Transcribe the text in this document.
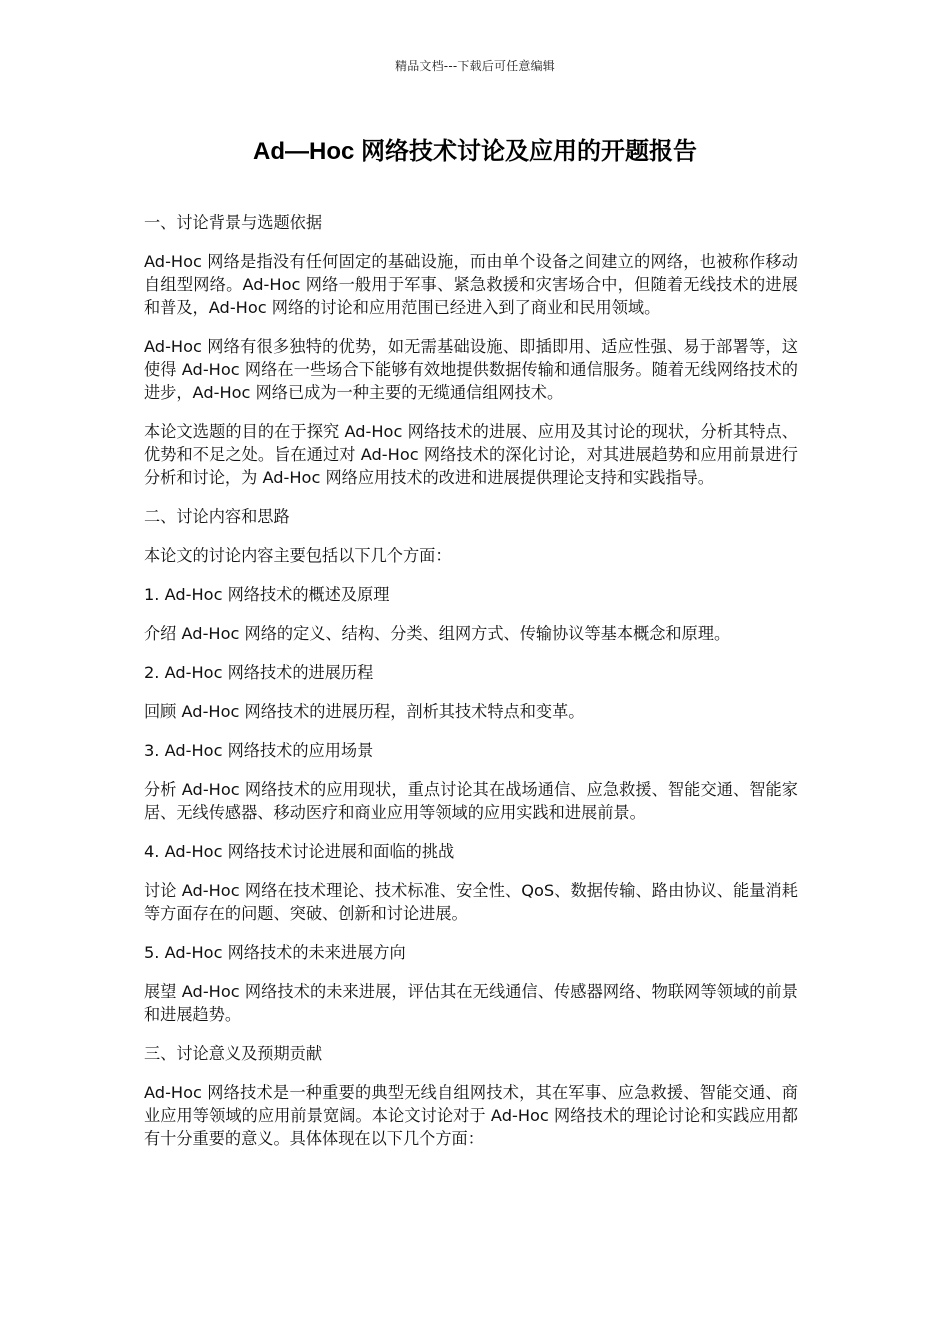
精品文档---下载后可任意编辑
Ad—Hoc 网络技术讨论及应用的开题报告

一、讨论背景与选题依据

Ad-Hoc 网络是指没有任何固定的基础设施，而由单个设备之间建立的网络，也被称作移动自组型网络。Ad-Hoc 网络一般用于军事、紧急救援和灾害场合中，但随着无线技术的进展和普及，Ad-Hoc 网络的讨论和应用范围已经进入到了商业和民用领域。

Ad-Hoc 网络有很多独特的优势，如无需基础设施、即插即用、适应性强、易于部署等，这使得 Ad-Hoc 网络在一些场合下能够有效地提供数据传输和通信服务。随着无线网络技术的进步，Ad-Hoc 网络已成为一种主要的无缆通信组网技术。

本论文选题的目的在于探究 Ad-Hoc 网络技术的进展、应用及其讨论的现状，分析其特点、优势和不足之处。旨在通过对 Ad-Hoc 网络技术的深化讨论，对其进展趋势和应用前景进行分析和讨论，为 Ad-Hoc 网络应用技术的改进和进展提供理论支持和实践指导。

二、讨论内容和思路

本论文的讨论内容主要包括以下几个方面：

1. Ad-Hoc 网络技术的概述及原理

介绍 Ad-Hoc 网络的定义、结构、分类、组网方式、传输协议等基本概念和原理。

2. Ad-Hoc 网络技术的进展历程

回顾 Ad-Hoc 网络技术的进展历程，剖析其技术特点和变革。

3. Ad-Hoc 网络技术的应用场景

分析 Ad-Hoc 网络技术的应用现状，重点讨论其在战场通信、应急救援、智能交通、智能家居、无线传感器、移动医疗和商业应用等领域的应用实践和进展前景。

4. Ad-Hoc 网络技术讨论进展和面临的挑战

讨论 Ad-Hoc 网络在技术理论、技术标准、安全性、QoS、数据传输、路由协议、能量消耗等方面存在的问题、突破、创新和讨论进展。

5. Ad-Hoc 网络技术的未来进展方向

展望 Ad-Hoc 网络技术的未来进展，评估其在无线通信、传感器网络、物联网等领域的前景和进展趋势。

三、讨论意义及预期贡献

Ad-Hoc 网络技术是一种重要的典型无线自组网技术，其在军事、应急救援、智能交通、商业应用等领域的应用前景宽阔。本论文讨论对于 Ad-Hoc 网络技术的理论讨论和实践应用都有十分重要的意义。具体体现在以下几个方面：
